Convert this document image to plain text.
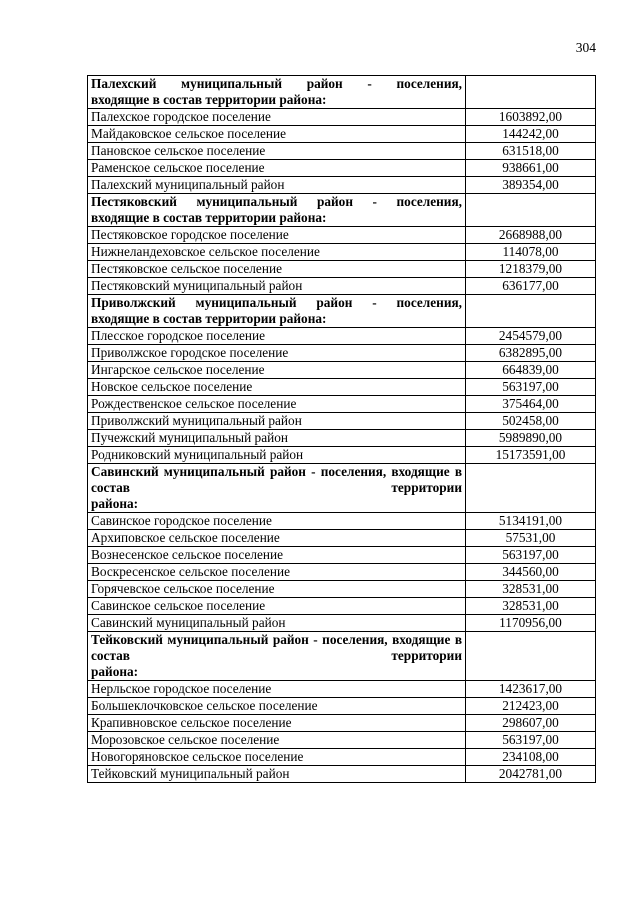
304
Палехский муниципальный район - поселения,
входящие в состав территории района:	

Палехское городское поселение	1603892,00
Майдаковское сельское поселение	144242,00
Пановское сельское поселение	631518,00
Раменское сельское поселение	938661,00
Палехский муниципальный район	389354,00
Пестяковский муниципальный район - поселения,
входящие в состав территории района:	

Пестяковское городское поселение	2668988,00
Нижнеландеховское сельское поселение	114078,00
Пестяковское сельское поселение	1218379,00
Пестяковский муниципальный район	636177,00
Приволжский муниципальный район - поселения,
входящие в состав территории района:	

Плесское городское поселение	2454579,00
Приволжское городское поселение	6382895,00
Ингарское сельское поселение	664839,00
Новское сельское поселение	563197,00
Рождественское сельское поселение	375464,00
Приволжский муниципальный район	502458,00
Пучежский муниципальный район	5989890,00
Родниковский муниципальный район	15173591,00
Савинский муниципальный район - поселения, входящие в состав территории
района:	

Савинское городское поселение	5134191,00
Архиповское сельское поселение	57531,00
Вознесенское сельское поселение	563197,00
Воскресенское сельское поселение	344560,00
Горячевское сельское поселение	328531,00
Савинское сельское поселение	328531,00
Савинский муниципальный район	1170956,00
Тейковский муниципальный район - поселения, входящие в состав территории
района:	

Нерльское городское поселение	1423617,00
Большеклочковское сельское поселение	212423,00
Крапивновское сельское поселение	298607,00
Морозовское сельское поселение	563197,00
Новогоряновское сельское поселение	234108,00
Тейковский муниципальный район	2042781,00
